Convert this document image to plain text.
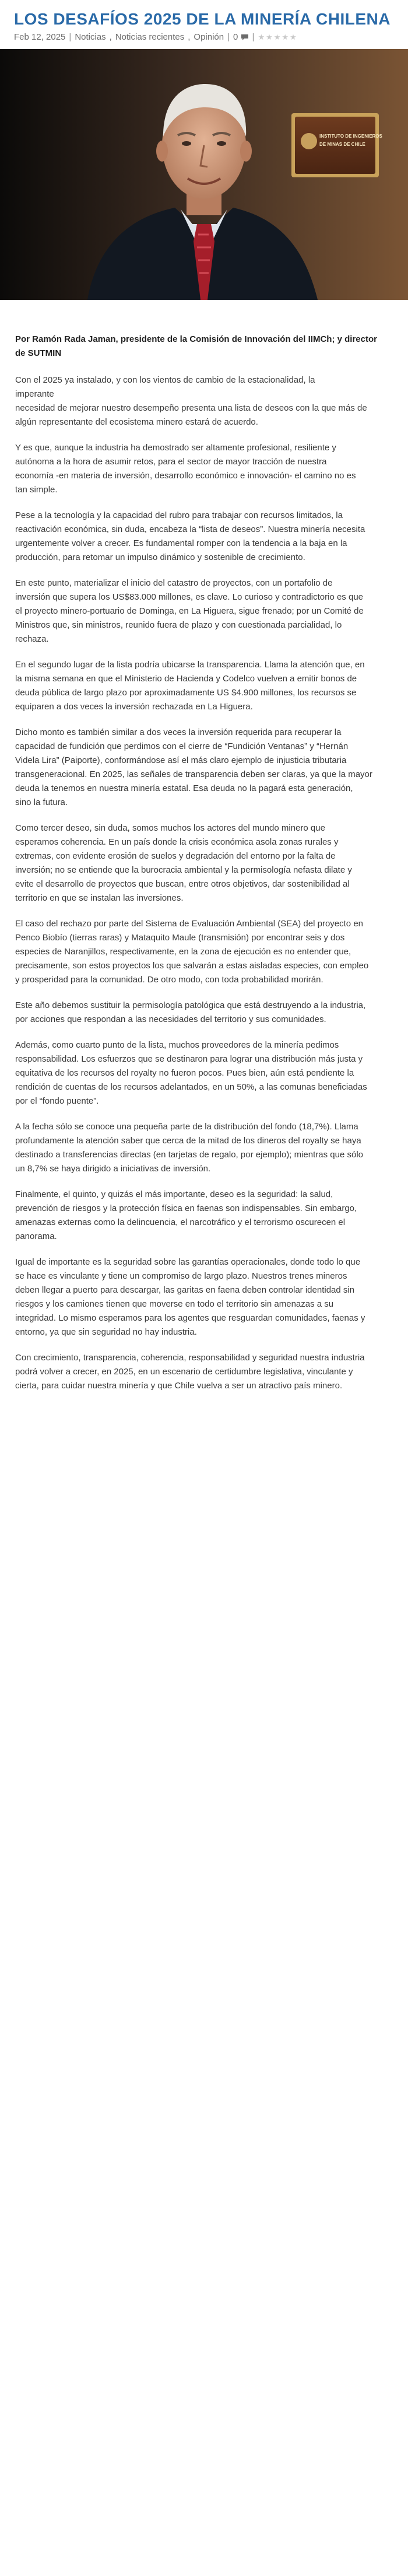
LOS DESAFÍOS 2025 DE LA MINERÍA CHILENA
Feb 12, 2025 | Noticias , Noticias recientes , Opinión | 0	| ★ ★ ★ ★ ★
INSTITUTO DE INGENIEROS
DE MINAS DE CHILE

Por Ramón Rada Jaman, presidente de la Comisión de Innovación del IIMCh; y director
de SUTMIN

Con el 2025 ya instalado, y con los vientos de cambio de la estacionalidad, la
imperante
necesidad de mejorar nuestro desempeño presenta una lista de deseos con la que más de
algún representante del ecosistema minero estará de acuerdo.

Y es que, aunque la industria ha demostrado ser altamente profesional, resiliente y
autónoma a la hora de asumir retos, para el sector de mayor tracción de nuestra
economía -en materia de inversión, desarrollo económico e innovación- el camino no es
tan simple.

Pese a la tecnología y la capacidad del rubro para trabajar con recursos limitados, la
reactivación económica, sin duda, encabeza la “lista de deseos”. Nuestra minería necesita
urgentemente volver a crecer. Es fundamental romper con la tendencia a la baja en la
producción, para retomar un impulso dinámico y sostenible de crecimiento.

En este punto, materializar el inicio del catastro de proyectos, con un portafolio de
inversión que supera los US$83.000 millones, es clave. Lo curioso y contradictorio es que
el proyecto minero-portuario de Dominga, en La Higuera, sigue frenado; por un Comité de
Ministros que, sin ministros, reunido fuera de plazo y con cuestionada parcialidad, lo
rechaza.

En el segundo lugar de la lista podría ubicarse la transparencia. Llama la atención que, en
la misma semana en que el Ministerio de Hacienda y Codelco vuelven a emitir bonos de
deuda pública de largo plazo por aproximadamente US $4.900 millones, los recursos se
equiparen a dos veces la inversión rechazada en La Higuera.

Dicho monto es también similar a dos veces la inversión requerida para recuperar la
capacidad de fundición que perdimos con el cierre de “Fundición Ventanas” y “Hernán
Videla Lira” (Paiporte), conformándose así el más claro ejemplo de injusticia tributaria
transgeneracional. En 2025, las señales de transparencia deben ser claras, ya que la mayor
deuda la tenemos en nuestra minería estatal. Esa deuda no la pagará esta generación,
sino la futura.

Como tercer deseo, sin duda, somos muchos los actores del mundo minero que
esperamos coherencia. En un país donde la crisis económica asola zonas rurales y
extremas, con evidente erosión de suelos y degradación del entorno por la falta de
inversión; no se entiende que la burocracia ambiental y la permisología nefasta dilate y
evite el desarrollo de proyectos que buscan, entre otros objetivos, dar sostenibilidad al
territorio en que se instalan las inversiones.

El caso del rechazo por parte del Sistema de Evaluación Ambiental (SEA) del proyecto en
Penco Biobío (tierras raras) y Mataquito Maule (transmisión) por encontrar seis y dos
especies de Naranjillos, respectivamente, en la zona de ejecución es no entender que,
precisamente, son estos proyectos los que salvarán a estas aisladas especies, con empleo
y prosperidad para la comunidad. De otro modo, con toda probabilidad morirán.

Este año debemos sustituir la permisología patológica que está destruyendo a la industria,
por acciones que respondan a las necesidades del territorio y sus comunidades.

Además, como cuarto punto de la lista, muchos proveedores de la minería pedimos
responsabilidad. Los esfuerzos que se destinaron para lograr una distribución más justa y
equitativa de los recursos del royalty no fueron pocos. Pues bien, aún está pendiente la
rendición de cuentas de los recursos adelantados, en un 50%, a las comunas beneficiadas
por el “fondo puente”.

A la fecha sólo se conoce una pequeña parte de la distribución del fondo (18,7%). Llama
profundamente la atención saber que cerca de la mitad de los dineros del royalty se haya
destinado a transferencias directas (en tarjetas de regalo, por ejemplo); mientras que sólo
un 8,7% se haya dirigido a iniciativas de inversión.

Finalmente, el quinto, y quizás el más importante, deseo es la seguridad: la salud,
prevención de riesgos y la protección física en faenas son indispensables. Sin embargo,
amenazas externas como la delincuencia, el narcotráfico y el terrorismo oscurecen el
panorama.

Igual de importante es la seguridad sobre las garantías operacionales, donde todo lo que
se hace es vinculante y tiene un compromiso de largo plazo. Nuestros trenes mineros
deben llegar a puerto para descargar, las garitas en faena deben controlar identidad sin
riesgos y los camiones tienen que moverse en todo el territorio sin amenazas a su
integridad. Lo mismo esperamos para los agentes que resguardan comunidades, faenas y
entorno, ya que sin seguridad no hay industria.

Con crecimiento, transparencia, coherencia, responsabilidad y seguridad nuestra industria
podrá volver a crecer, en 2025, en un escenario de certidumbre legislativa, vinculante y
cierta, para cuidar nuestra minería y que Chile vuelva a ser un atractivo país minero.
